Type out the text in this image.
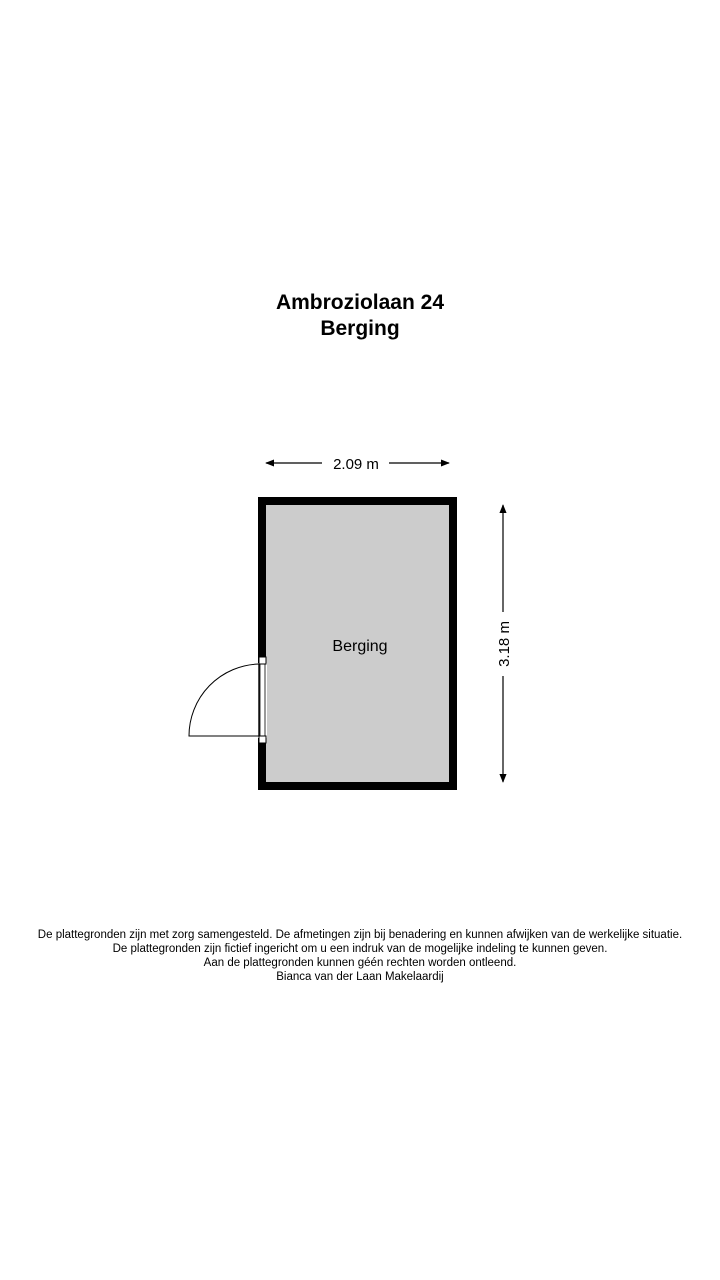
Ambroziolaan 24
Berging
Berging
2.09 m
3.18 m
De plattegronden zijn met zorg samengesteld. De afmetingen zijn bij benadering en kunnen afwijken van de werkelijke situatie.
De plattegronden zijn fictief ingericht om u een indruk van de mogelijke indeling te kunnen geven.
Aan de plattegronden kunnen géén rechten worden ontleend.
Bianca van der Laan Makelaardij
